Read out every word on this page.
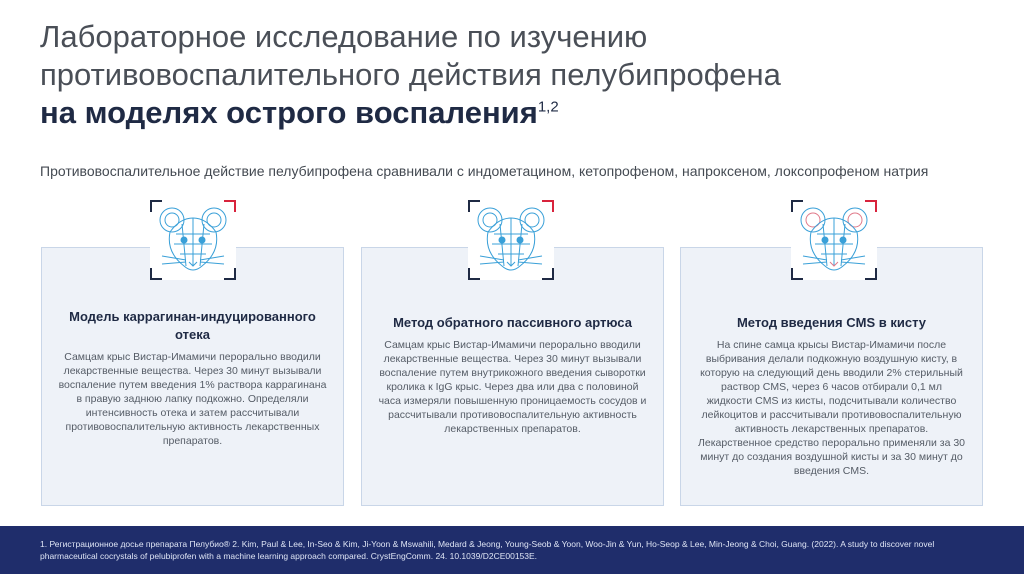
Лабораторное исследование по изучению
противовоспалительного действия пелубипрофена
на моделях острого воспаления$^{1,2}$
Противовоспалительное действие пелубипрофена сравнивали с индометацином, кетопрофеном, напроксеном, локсопрофеном натрия
Модель каррагинан-индуцированного отека
Самцам крыс Вистар-Имамичи перорально вводили лекарственные вещества. Через 30 минут вызывали воспаление путем введения 1% раствора каррагинана в правую заднюю лапку подкожно. Определяли интенсивность отека и затем рассчитывали противовоспалительную активность лекарственных препаратов.
Метод обратного пассивного артюса
Самцам крыс Вистар-Имамичи перорально вводили лекарственные вещества. Через 30 минут вызывали воспаление путем внутрикожного введения сыворотки кролика к IgG крыс. Через два или два с половиной часа измеряли повышенную проницаемость сосудов и рассчитывали противовоспалительную активность лекарственных препаратов.
Метод введения CMS в кисту
На спине самца крысы Вистар-Имамичи после выбривания делали подкожную воздушную кисту, в которую на следующий день вводили 2% стерильный раствор CMS, через 6 часов отбирали 0,1 мл жидкости CMS из кисты, подсчитывали количество лейкоцитов и рассчитывали противовоспалительную активность лекарственных препаратов. Лекарственное средство перорально применяли за 30 минут до создания воздушной кисты и за 30 минут до введения CMS.
1. Регистрационное досье препарата Пелубио® 2. Kim, Paul & Lee, In-Seo & Kim, Ji-Yoon & Mswahili, Medard & Jeong, Young-Seob & Yoon, Woo-Jin & Yun, Ho-Seop & Lee, Min-Jeong & Choi, Guang. (2022). A study to discover novel pharmaceutical cocrystals of pelubiprofen with a machine learning approach compared. CrystEngComm. 24. 10.1039/D2CE00153E.
